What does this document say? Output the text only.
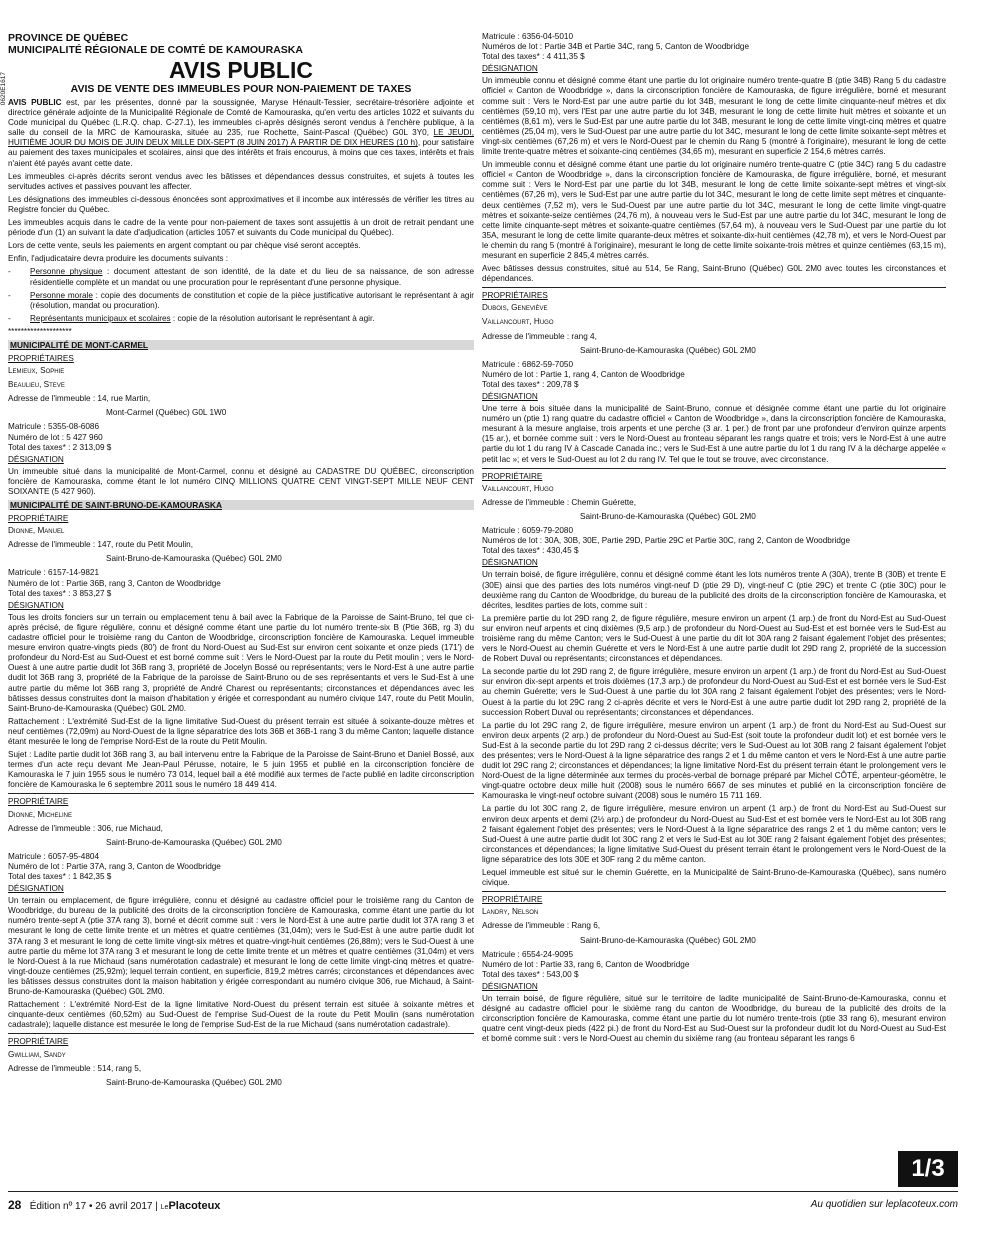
0620E1617
PROVINCE DE QUÉBEC
MUNICIPALITÉ RÉGIONALE DE COMTÉ DE KAMOURASKA
AVIS PUBLIC
AVIS DE VENTE DES IMMEUBLES POUR NON-PAIEMENT DE TAXES

AVIS PUBLIC est, par les présentes, donné par la soussignée, Maryse Hénault-Tessier, secrétaire-trésorière adjointe et directrice générale adjointe de la Municipalité Régionale de Comté de Kamouraska, qu'en vertu des articles 1022 et suivants du Code municipal du Québec (L.R.Q. chap. C-27.1), les immeubles ci-après désignés seront vendus à l'enchère publique, à la salle du conseil de la MRC de Kamouraska, située au 235, rue Rochette, Saint-Pascal (Québec) G0L 3Y0, LE JEUDI, HUITIÈME JOUR DU MOIS DE JUIN DEUX MILLE DIX-SEPT (8 JUIN 2017) À PARTIR DE DIX HEURES (10 h), pour satisfaire au paiement des taxes municipales et scolaires, ainsi que des intérêts et frais encourus, à moins que ces taxes, intérêts et frais n'aient été payés avant cette date.

Les immeubles ci-après décrits seront vendus avec les bâtisses et dépendances dessus construites, et sujets à toutes les servitudes actives et passives pouvant les affecter.

Les désignations des immeubles ci-dessous énoncées sont approximatives et il incombe aux intéressés de vérifier les titres au Registre foncier du Québec.

Les immeubles acquis dans le cadre de la vente pour non-paiement de taxes sont assujettis à un droit de retrait pendant une période d'un (1) an suivant la date d'adjudication (articles 1057 et suivants du Code municipal du Québec).

Lors de cette vente, seuls les paiements en argent comptant ou par chèque visé seront acceptés.

Enfin, l'adjudicataire devra produire les documents suivants :

-	Personne physique : document attestant de son identité, de la date et du lieu de sa naissance, de son adresse résidentielle complète et un mandat ou une procuration pour le représentant d'une personne physique.
-	Personne morale : copie des documents de constitution et copie de la pièce justificative autorisant le représentant à agir (résolution, mandat ou procuration).
-	Représentants municipaux et scolaires : copie de la résolution autorisant le représentant à agir.
********************
MUNICIPALITÉ DE MONT-CARMEL
PROPRIÉTAIRES
Lemieux, Sophie
Beaulieu, Steve
Adresse de l'immeuble : 14, rue Martin,
Mont-Carmel (Québec) G0L 1W0
Matricule : 5355-08-6086
Numéro de lot : 5 427 960
Total des taxes* : 2 313,09 $
DÉSIGNATION

Un immeuble situé dans la municipalité de Mont-Carmel, connu et désigné au CADASTRE DU QUÉBEC, circonscription foncière de Kamouraska, comme étant le lot numéro CINQ MILLIONS QUATRE CENT VINGT-SEPT MILLE NEUF CENT SOIXANTE (5 427 960).

MUNICIPALITÉ DE SAINT-BRUNO-DE-KAMOURASKA
PROPRIÉTAIRE
Dionne, Manuel
Adresse de l'immeuble : 147, route du Petit Moulin,
Saint-Bruno-de-Kamouraska (Québec) G0L 2M0
Matricule : 6157-14-9821
Numéro de lot : Partie 36B, rang 3, Canton de Woodbridge
Total des taxes* : 3 853,27 $
DÉSIGNATION

Tous les droits fonciers sur un terrain ou emplacement tenu à bail avec la Fabrique de la Paroisse de Saint-Bruno, tel que ci-après précisé, de figure régulière, connu et désigné comme étant une partie du lot numéro trente-six B (Ptie 36B, rg 3) du cadastre officiel pour le troisième rang du Canton de Woodbridge, circonscription foncière de Kamouraska. Lequel immeuble mesure environ quatre-vingts pieds (80') de front du Nord-Ouest au Sud-Est sur environ cent soixante et onze pieds (171') de profondeur du Nord-Est au Sud-Ouest et est borné comme suit : Vers le Nord-Ouest par la route du Petit moulin ; vers le Nord-Ouest à une autre partie dudit lot 36B rang 3, propriété de Jocelyn Bossé ou représentants; vers le Nord-Est à une autre partie dudit lot 36B rang 3, propriété de la Fabrique de la paroisse de Saint-Bruno ou de ses représentants et vers le Sud-Est à une autre partie du même lot 36B rang 3, propriété de André Charest ou représentants; circonstances et dépendances avec les bâtisses dessus construites dont la maison d'habitation y érigée et correspondant au numéro civique 147, route du Petit Moulin, Saint-Bruno-de-Kamouraska (Québec) G0L 2M0.

Rattachement : L'extrémité Sud-Est de la ligne limitative Sud-Ouest du présent terrain est située à soixante-douze mètres et neuf centièmes (72,09m) au Nord-Ouest de la ligne séparatrice des lots 36B et 36B-1 rang 3 du même Canton; laquelle distance étant mesurée le long de l'emprise Nord-Est de la route du Petit Moulin.

Sujet : Ladite partie dudit lot 36B rang 3, au bail intervenu entre la Fabrique de la Paroisse de Saint-Bruno et Daniel Bossé, aux termes d'un acte reçu devant Me Jean-Paul Pérusse, notaire, le 5 juin 1955 et publié en la circonscription foncière de Kamouraska le 7 juin 1955 sous le numéro 73 014, lequel bail a été modifié aux termes de l'acte publié en ladite circonscription foncière de Kamouraska le 6 septembre 2011 sous le numéro 18 449 414.

PROPRIÉTAIRE
Dionne, Micheline
Adresse de l'immeuble : 306, rue Michaud,
Saint-Bruno-de-Kamouraska (Québec) G0L 2M0
Matricule : 6057-95-4804
Numéro de lot : Partie 37A, rang 3, Canton de Woodbridge
Total des taxes* : 1 842,35 $
DÉSIGNATION

Un terrain ou emplacement, de figure irrégulière, connu et désigné au cadastre officiel pour le troisième rang du Canton de Woodbridge, du bureau de la publicité des droits de la circonscription foncière de Kamouraska, comme étant une partie du lot numéro trente-sept A (ptie 37A rang 3), borné et décrit comme suit : vers le Nord-Est à une autre partie dudit lot 37A rang 3 et mesurant le long de cette limite trente et un mètres et quatre centièmes (31,04m); vers le Sud-Est à une autre partie dudit lot 37A rang 3 et mesurant le long de cette limite vingt-six mètres et quatre-vingt-huit centièmes (26,88m); vers le Sud-Ouest à une autre partie du même lot 37A rang 3 et mesurant le long de cette limite trente et un mètres et quatre centièmes (31,04m) et vers le Nord-Ouest à la rue Michaud (sans numérotation cadastrale) et mesurant le long de cette limite vingt-cinq mètres et quatre-vingt-douze centièmes (25,92m); lequel terrain contient, en superficie, 819,2 mètres carrés; circonstances et dépendances avec les bâtisses dessus construites dont la maison habitation y érigée correspondant au numéro civique 306, rue Michaud, à Saint-Bruno-de-Kamouraska (Québec) G0L 2M0.

Rattachement : L'extrémité Nord-Est de la ligne limitative Nord-Ouest du présent terrain est située à soixante mètres et cinquante-deux centièmes (60,52m) au Sud-Ouest de l'emprise Sud-Ouest de la route du Petit Moulin (sans numérotation cadastrale); laquelle distance est mesurée le long de l'emprise Sud-Est de la rue Michaud (sans numérotation cadastrale).

PROPRIÉTAIRE
Gwilliam, Sandy
Adresse de l'immeuble : 514, rang 5,
Saint-Bruno-de-Kamouraska (Québec) G0L 2M0
Matricule : 6356-04-5010
Numéros de lot : Partie 34B et Partie 34C, rang 5, Canton de Woodbridge
Total des taxes* : 4 411,35 $
DÉSIGNATION

Un immeuble connu et désigné comme étant une partie du lot originaire numéro trente-quatre B (ptie 34B) Rang 5 du cadastre officiel « Canton de Woodbridge », dans la circonscription foncière de Kamouraska, de figure irrégulière, borné et mesurant comme suit : Vers le Nord-Est par une autre partie du lot 34B, mesurant le long de cette limite cinquante-neuf mètres et dix centièmes (59,10 m), vers l'Est par une autre partie du lot 34B, mesurant le long de cette limite huit mètres et soixante et un centièmes (8,61 m), vers le Sud-Est par une autre partie du lot 34B, mesurant le long de cette limite vingt-cinq mètres et quatre centièmes (25,04 m), vers le Sud-Ouest par une autre partie du lot 34C, mesurant le long de cette limite soixante-sept mètres et vingt-six centièmes (67,26 m) et vers le Nord-Ouest par le chemin du Rang 5 (montré à l'originaire), mesurant le long de cette limite trente-quatre mètres et soixante-cinq centièmes (34,65 m), mesurant en superficie 2 154,6 mètres carrés.

Un immeuble connu et désigné comme étant une partie du lot originaire numéro trente-quatre C (ptie 34C) rang 5 du cadastre officiel « Canton de Woodbridge », dans la circonscription foncière de Kamouraska, de figure irrégulière, borné, et mesurant comme suit : Vers le Nord-Est par une partie du lot 34B, mesurant le long de cette limite soixante-sept mètres et vingt-six centièmes (67,26 m), vers le Sud-Est par une autre partie du lot 34C, mesurant le long de cette limite sept mètres et cinquante-deux centièmes (7,52 m), vers le Sud-Ouest par une autre partie du lot 34C, mesurant le long de cette limite vingt-quatre mètres et soixante-seize centièmes (24,76 m), à nouveau vers le Sud-Est par une autre partie du lot 34C, mesurant le long de cette limite cinquante-sept mètres et soixante-quatre centièmes (57,64 m), à nouveau vers le Sud-Ouest par une partie du lot 35A, mesurant le long de cette limite quarante-deux mètres et soixante-dix-huit centièmes (42,78 m), et vers le Nord-Ouest par le chemin du rang 5 (montré à l'originaire), mesurant le long de cette limite soixante-trois mètres et quinze centièmes (63,15 m), mesurant en superficie 2 845,4 mètres carrés.

Avec bâtisses dessus construites, situé au 514, 5e Rang, Saint-Bruno (Québec) G0L 2M0 avec toutes les circonstances et dépendances.

PROPRIÉTAIRES
Dubois, Geneviève
Vaillancourt, Hugo
Adresse de l'immeuble : rang 4,
Saint-Bruno-de-Kamouraska (Québec) G0L 2M0
Matricule : 6862-59-7050
Numéro de lot : Partie 1, rang 4, Canton de Woodbridge
Total des taxes* : 209,78 $
DÉSIGNATION

Une terre à bois située dans la municipalité de Saint-Bruno, connue et désignée comme étant une partie du lot originaire numéro un (ptie 1) rang quatre du cadastre officiel « Canton de Woodbridge », dans la circonscription foncière de Kamouraska, mesurant à la mesure anglaise, trois arpents et une perche (3 ar. 1 per.) de front par une profondeur d'environ quinze arpents (15 ar.), et bornée comme suit : vers le Nord-Ouest au fronteau séparant les rangs quatre et trois; vers le Nord-Est à une autre partie du lot 1 du rang IV à Cascade Canada inc.; vers le Sud-Est à une autre partie du lot 1 du rang IV à la décharge appelée « petit lac »; et vers le Sud-Ouest au lot 2 du rang IV. Tel que le tout se trouve, avec circonstance.

PROPRIÉTAIRE
Vaillancourt, Hugo
Adresse de l'immeuble : Chemin Guérette,
Saint-Bruno-de-Kamouraska (Québec) G0L 2M0
Matricule : 6059-79-2080
Numéros de lot : 30A, 30B, 30E, Partie 29D, Partie 29C et Partie 30C, rang 2, Canton de Woodbridge
Total des taxes* : 430,45 $
DÉSIGNATION

Un terrain boisé, de figure irrégulière, connu et désigné comme étant les lots numéros trente A (30A), trente B (30B) et trente E (30E) ainsi que des parties des lots numéros vingt-neuf D (ptie 29 D), vingt-neuf C (ptie 29C) et trente C (ptie 30C) pour le deuxième rang du Canton de Woodbridge, du bureau de la publicité des droits de la circonscription foncière de Kamouraska, et décrites, lesdites parties de lots, comme suit :

La première partie du lot 29D rang 2, de figure régulière, mesure environ un arpent (1 arp.) de front du Nord-Est au Sud-Ouest sur environ neuf arpents et cinq dixièmes (9,5 arp.) de profondeur du Nord-Ouest au Sud-Est et est bornée vers le Sud-Est au troisième rang du même Canton; vers le Sud-Ouest à une partie du dit lot 30A rang 2 faisant également l'objet des présentes; vers le Nord-Ouest au chemin Guérette et vers le Nord-Est à une autre partie dudit lot 29D rang 2, propriété de la succession de Robert Duval ou représentants; circonstances et dépendances.

La seconde partie du lot 29D rang 2, de figure irrégulière, mesure environ un arpent (1 arp.) de front du Nord-Est au Sud-Ouest sur environ dix-sept arpents et trois dixièmes (17,3 arp.) de profondeur du Nord-Ouest au Sud-Est et est bornée vers le Sud-Est au chemin Guérette; vers le Sud-Ouest à une partie du lot 30A rang 2 faisant également l'objet des présentes; vers le Nord-Ouest à la partie du lot 29C rang 2 ci-après décrite et vers le Nord-Est à une autre partie dudit lot 29D rang 2, propriété de la succession Robert Duval ou représentants; circonstances et dépendances.

La partie du lot 29C rang 2, de figure irrégulière, mesure environ un arpent (1 arp.) de front du Nord-Est au Sud-Ouest sur environ deux arpents (2 arp.) de profondeur du Nord-Ouest au Sud-Est (soit toute la profondeur dudit lot) et est bornée vers le Sud-Est à la seconde partie du lot 29D rang 2 ci-dessus décrite; vers le Sud-Ouest au lot 30B rang 2 faisant également l'objet des présentes; vers le Nord-Ouest à la ligne séparatrice des rangs 2 et 1 du même canton et vers le Nord-Est à une autre partie dudit lot 29C rang 2; circonstances et dépendances; la ligne limitative Nord-Est du présent terrain étant le prolongement vers le Nord-Ouest de la ligne déterminée aux termes du procès-verbal de bornage préparé par Michel CÔTÉ, arpenteur-géomètre, le vingt-quatre octobre deux mille huit (2008) sous le numéro 6667 de ses minutes et publié en la circonscription foncière de Kamouraska le vingt-neuf octobre suivant (2008) sous le numéro 15 711 169.

La partie du lot 30C rang 2, de figure irrégulière, mesure environ un arpent (1 arp.) de front du Nord-Est au Sud-Ouest sur environ deux arpents et demi (2½ arp.) de profondeur du Nord-Ouest au Sud-Est et est bornée vers le Nord-Est au lot 30B rang 2 faisant également l'objet des présentes; vers le Nord-Ouest à la ligne séparatrice des rangs 2 et 1 du même canton; vers le Sud-Ouest à une autre partie dudit lot 30C rang 2 et vers le Sud-Est au lot 30E rang 2 faisant également l'objet des présentes; circonstances et dépendances; la ligne limitative Sud-Ouest du présent terrain étant le prolongement vers le Nord-Ouest de la ligne séparatrice des lots 30E et 30F rang 2 du même canton.

Lequel immeuble est situé sur le chemin Guérette, en la Municipalité de Saint-Bruno-de-Kamouraska (Québec), sans numéro civique.

PROPRIÉTAIRE
Landry, Nelson
Adresse de l'immeuble : Rang 6,
Saint-Bruno-de-Kamouraska (Québec) G0L 2M0
Matricule : 6554-24-9095
Numéro de lot : Partie 33, rang 6, Canton de Woodbridge
Total des taxes* : 543,00 $
DÉSIGNATION

Un terrain boisé, de figure régulière, situé sur le territoire de ladite municipalité de Saint-Bruno-de-Kamouraska, connu et désigné au cadastre officiel pour le sixième rang du canton de Woodbridge, du bureau de la publicité des droits de la circonscription foncière de Kamouraska, comme étant une partie du lot numéro trente-trois (ptie 33 rang 6), mesurant environ quatre cent vingt-deux pieds (422 pi.) de front du Nord-Est au Sud-Ouest sur la profondeur dudit lot du Nord-Ouest au Sud-Est et borné comme suit : vers le Nord-Ouest au chemin du sixième rang (au fronteau séparant les rangs 6

1/3
28 Édition nº 17 • 26 avril 2017 | LePlacoteux	Au quotidien sur leplacoteux.com
